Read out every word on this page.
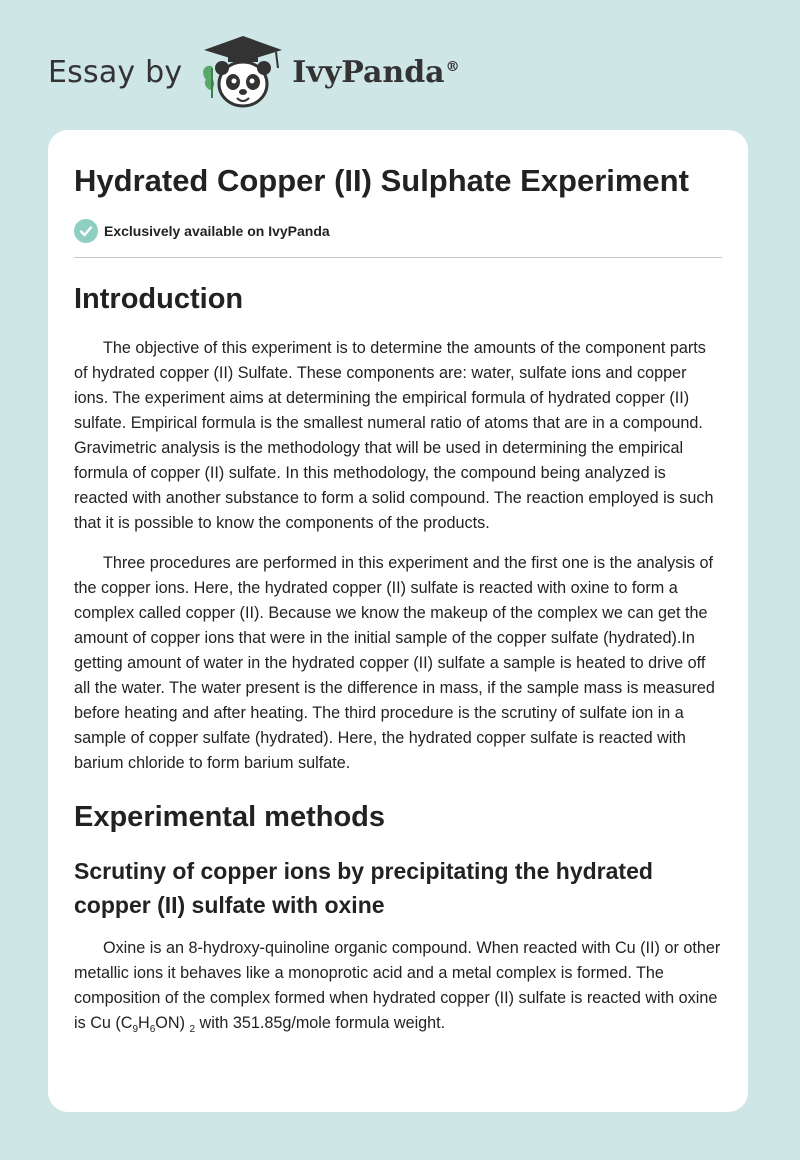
Essay by	IvyPanda®
Hydrated Copper (II) Sulphate Experiment
Exclusively available on IvyPanda
Introduction

The objective of this experiment is to determine the amounts of the component parts of hydrated copper (II) Sulfate. These components are: water, sulfate ions and copper ions. The experiment aims at determining the empirical formula of hydrated copper (II) sulfate. Empirical formula is the smallest numeral ratio of atoms that are in a compound. Gravimetric analysis is the methodology that will be used in determining the empirical formula of copper (II) sulfate. In this methodology, the compound being analyzed is reacted with another substance to form a solid compound. The reaction employed is such that it is possible to know the components of the products.

Three procedures are performed in this experiment and the first one is the analysis of the copper ions. Here, the hydrated copper (II) sulfate is reacted with oxine to form a complex called copper (II). Because we know the makeup of the complex we can get the amount of copper ions that were in the initial sample of the copper sulfate (hydrated).In getting amount of water in the hydrated copper (II) sulfate a sample is heated to drive off all the water. The water present is the difference in mass, if the sample mass is measured before heating and after heating. The third procedure is the scrutiny of sulfate ion in a sample of copper sulfate (hydrated). Here, the hydrated copper sulfate is reacted with barium chloride to form barium sulfate.

Experimental methods
Scrutiny of copper ions by precipitating the hydrated copper (II) sulfate with oxine

Oxine is an 8-hydroxy-quinoline organic compound. When reacted with Cu (II) or other metallic ions it behaves like a monoprotic acid and a metal complex is formed. The composition of the complex formed when hydrated copper (II) sulfate is reacted with oxine is Cu $(C_9H_6ON)$ $_2$ with 351.85g/mole formula weight.
